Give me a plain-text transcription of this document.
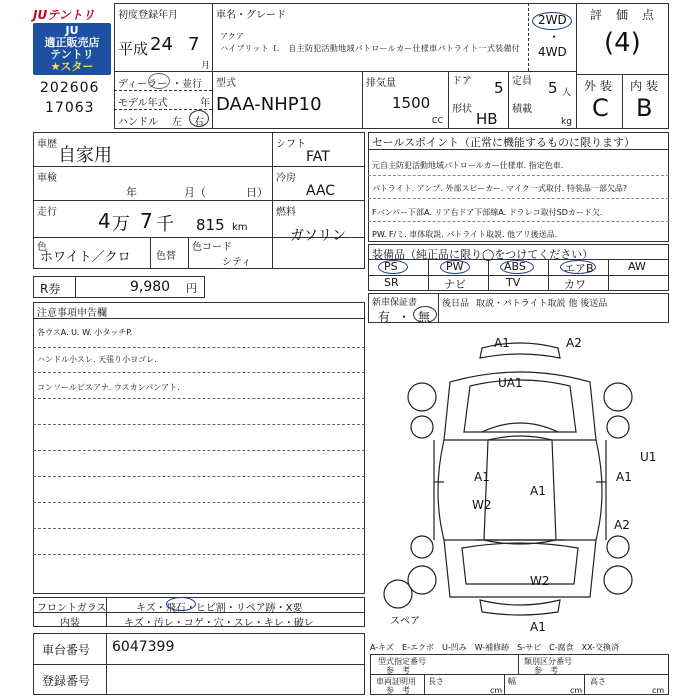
JUテントリ
JU
適正販売店
テントリ
★スター
202606
17063
初度登録年月
平成 24 7
月
車名・グレード
アクア
ハイブリット Ｌ　自主防犯活動地域パトロールカー仕様車パトライト一式装備付
2WD
・
4WD
評　価　点
(4)
ディーラー ・ 並行
モデル年式	年
ハンドル 左 右
型式
DAA-NHP10
排気量
1500
CC
ドア 5
形状
HB
定員 5 人
積載
kg
外 装 内 装
C B
車歴
自家用
シフト
FAT
車検
年	月（	日）
冷房
AAC
走行 4 万 7 千 815 km
燃料
ガソリン
色
ホワイト／クロ	色替
色コード
シティ
R券	9,980 円
セールスポイント（正常に機能するものに限ります）
元自主防犯活動地域パトロールカー仕様車. 指定色車.
パトライト. アンプ. 外部スピーカー. マイク一式取付. 特装品一部欠品?
Fバンパー下部A. リア右ドア下部線A. ドラレコ取付SDカード欠.
PW. F/ミ. 車体取説. パトライト取説. 他アリ後送品.
装備品（純正品に限り◯をつけてください）
PS	PW	ABS	エアB	AW
SR	ナビ	TV	カワ
新車保証書
有 ・ 無
後日品 取説・パトライト取説 他 後送品
注意事項申告欄
各ウスA. U. W. 小タッチP.
ハンドル小スレ. 天張り小ヨゴレ.
コンソールビスアナ. ウスカンパンアト.
フロントガラス	キズ・飛石・ヒビ割・リペア跡・X要
内装	キズ・汚レ・コゲ・穴・スレ・キレ・破レ
車台番号 6047399
登録番号
A-キズ　E-エクボ　U-凹み　W-補修跡　S-サビ　C-腐食　XX-交換済
型式指定番号
参　考
類別区分番号
参　考
車両証明用
参　考
長さ
cm
幅
cm
高さ
cm
A1	A2
UA1
U1
A1
A1
A1
W2
A2
W2
A1
スペア
